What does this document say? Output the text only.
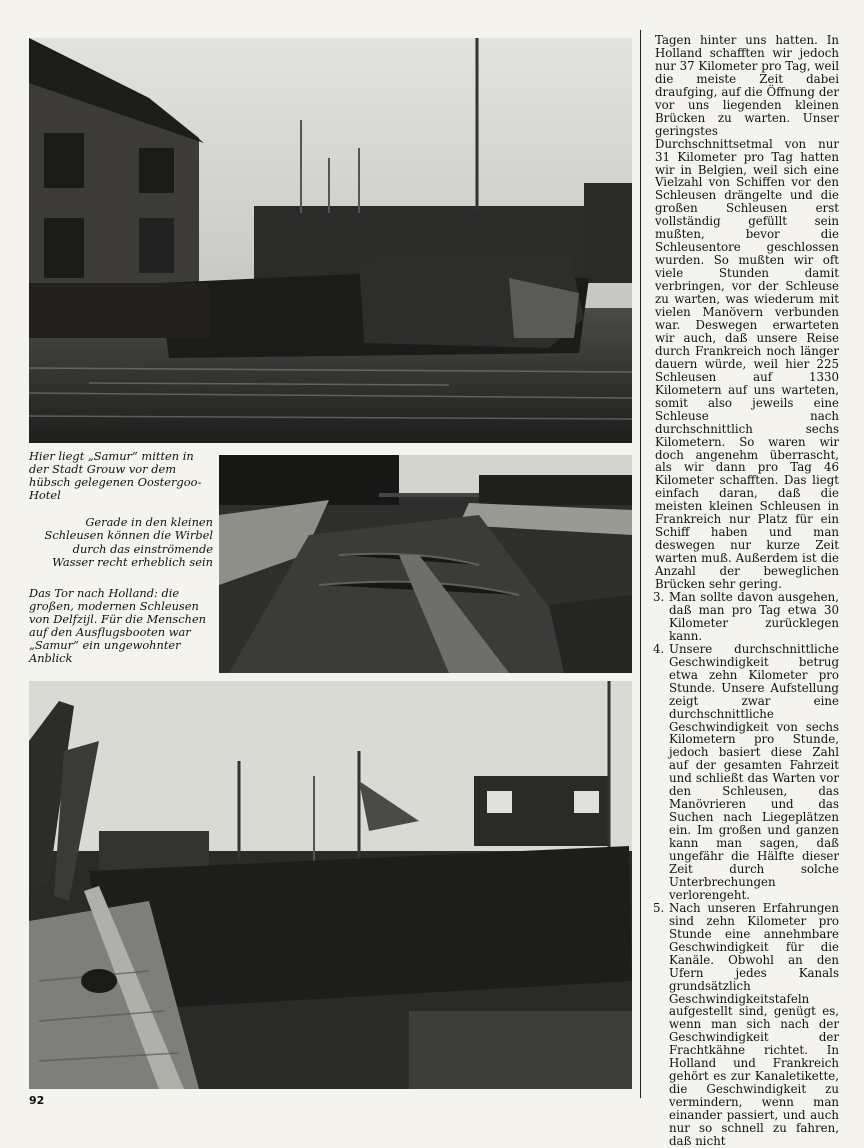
Hier liegt „Samur“ mitten in der Stadt Grouw vor dem hübsch gelegenen Oostergoo-Hotel

Gerade in den kleinen Schleusen können die Wirbel durch das einströmende Wasser recht erheblich sein

Das Tor nach Holland: die großen, modernen Schleusen von Delfzijl. Für die Menschen auf den Ausflugsbooten war „Samur“ ein ungewohnter Anblick

Tagen hinter uns hatten. In Holland schafften wir jedoch nur 37 Kilometer pro Tag, weil die meiste Zeit dabei draufging, auf die Öffnung der vor uns liegenden kleinen Brücken zu warten. Unser geringstes Durchschnittsetmal von nur 31 Kilometer pro Tag hatten wir in Belgien, weil sich eine Vielzahl von Schiffen vor den Schleusen drängelte und die großen Schleusen erst vollständig gefüllt sein mußten, bevor die Schleusentore geschlossen wurden. So mußten wir oft viele Stunden damit verbringen, vor der Schleuse zu warten, was wiederum mit vielen Manövern verbunden war. Deswegen erwarteten wir auch, daß unsere Reise durch Frankreich noch länger dauern würde, weil hier 225 Schleusen auf 1330 Kilometern auf uns warteten, somit also jeweils eine Schleuse nach durchschnittlich sechs Kilometern. So waren wir doch angenehm überrascht, als wir dann pro Tag 46 Kilometer schafften. Das liegt einfach daran, daß die meisten kleinen Schleusen in Frankreich nur Platz für ein Schiff haben und man deswegen nur kurze Zeit warten muß. Außerdem ist die Anzahl der beweglichen Brücken sehr gering.

3. Man sollte davon ausgehen, daß man pro Tag etwa 30 Kilometer zurücklegen kann.
4. Unsere durchschnittliche Geschwindigkeit betrug etwa zehn Kilometer pro Stunde. Unsere Aufstellung zeigt zwar eine durchschnittliche Geschwindigkeit von sechs Kilometern pro Stunde, jedoch basiert diese Zahl auf der gesamten Fahrzeit und schließt das Warten vor den Schleusen, das Manövrieren und das Suchen nach Liegeplätzen ein. Im großen und ganzen kann man sagen, daß ungefähr die Hälfte dieser Zeit durch solche Unterbrechungen verlorengeht.
5. Nach unseren Erfahrungen sind zehn Kilometer pro Stunde eine annehmbare Geschwindigkeit für die Kanäle. Obwohl an den Ufern jedes Kanals grundsätzlich Geschwindigkeitstafeln aufgestellt sind, genügt es, wenn man sich nach der Geschwindigkeit der Frachtkähne richtet. In Holland und Frankreich gehört es zur Kanaletikette, die Geschwindigkeit zu vermindern, wenn man einander passiert, und auch nur so schnell zu fahren, daß nicht
92
